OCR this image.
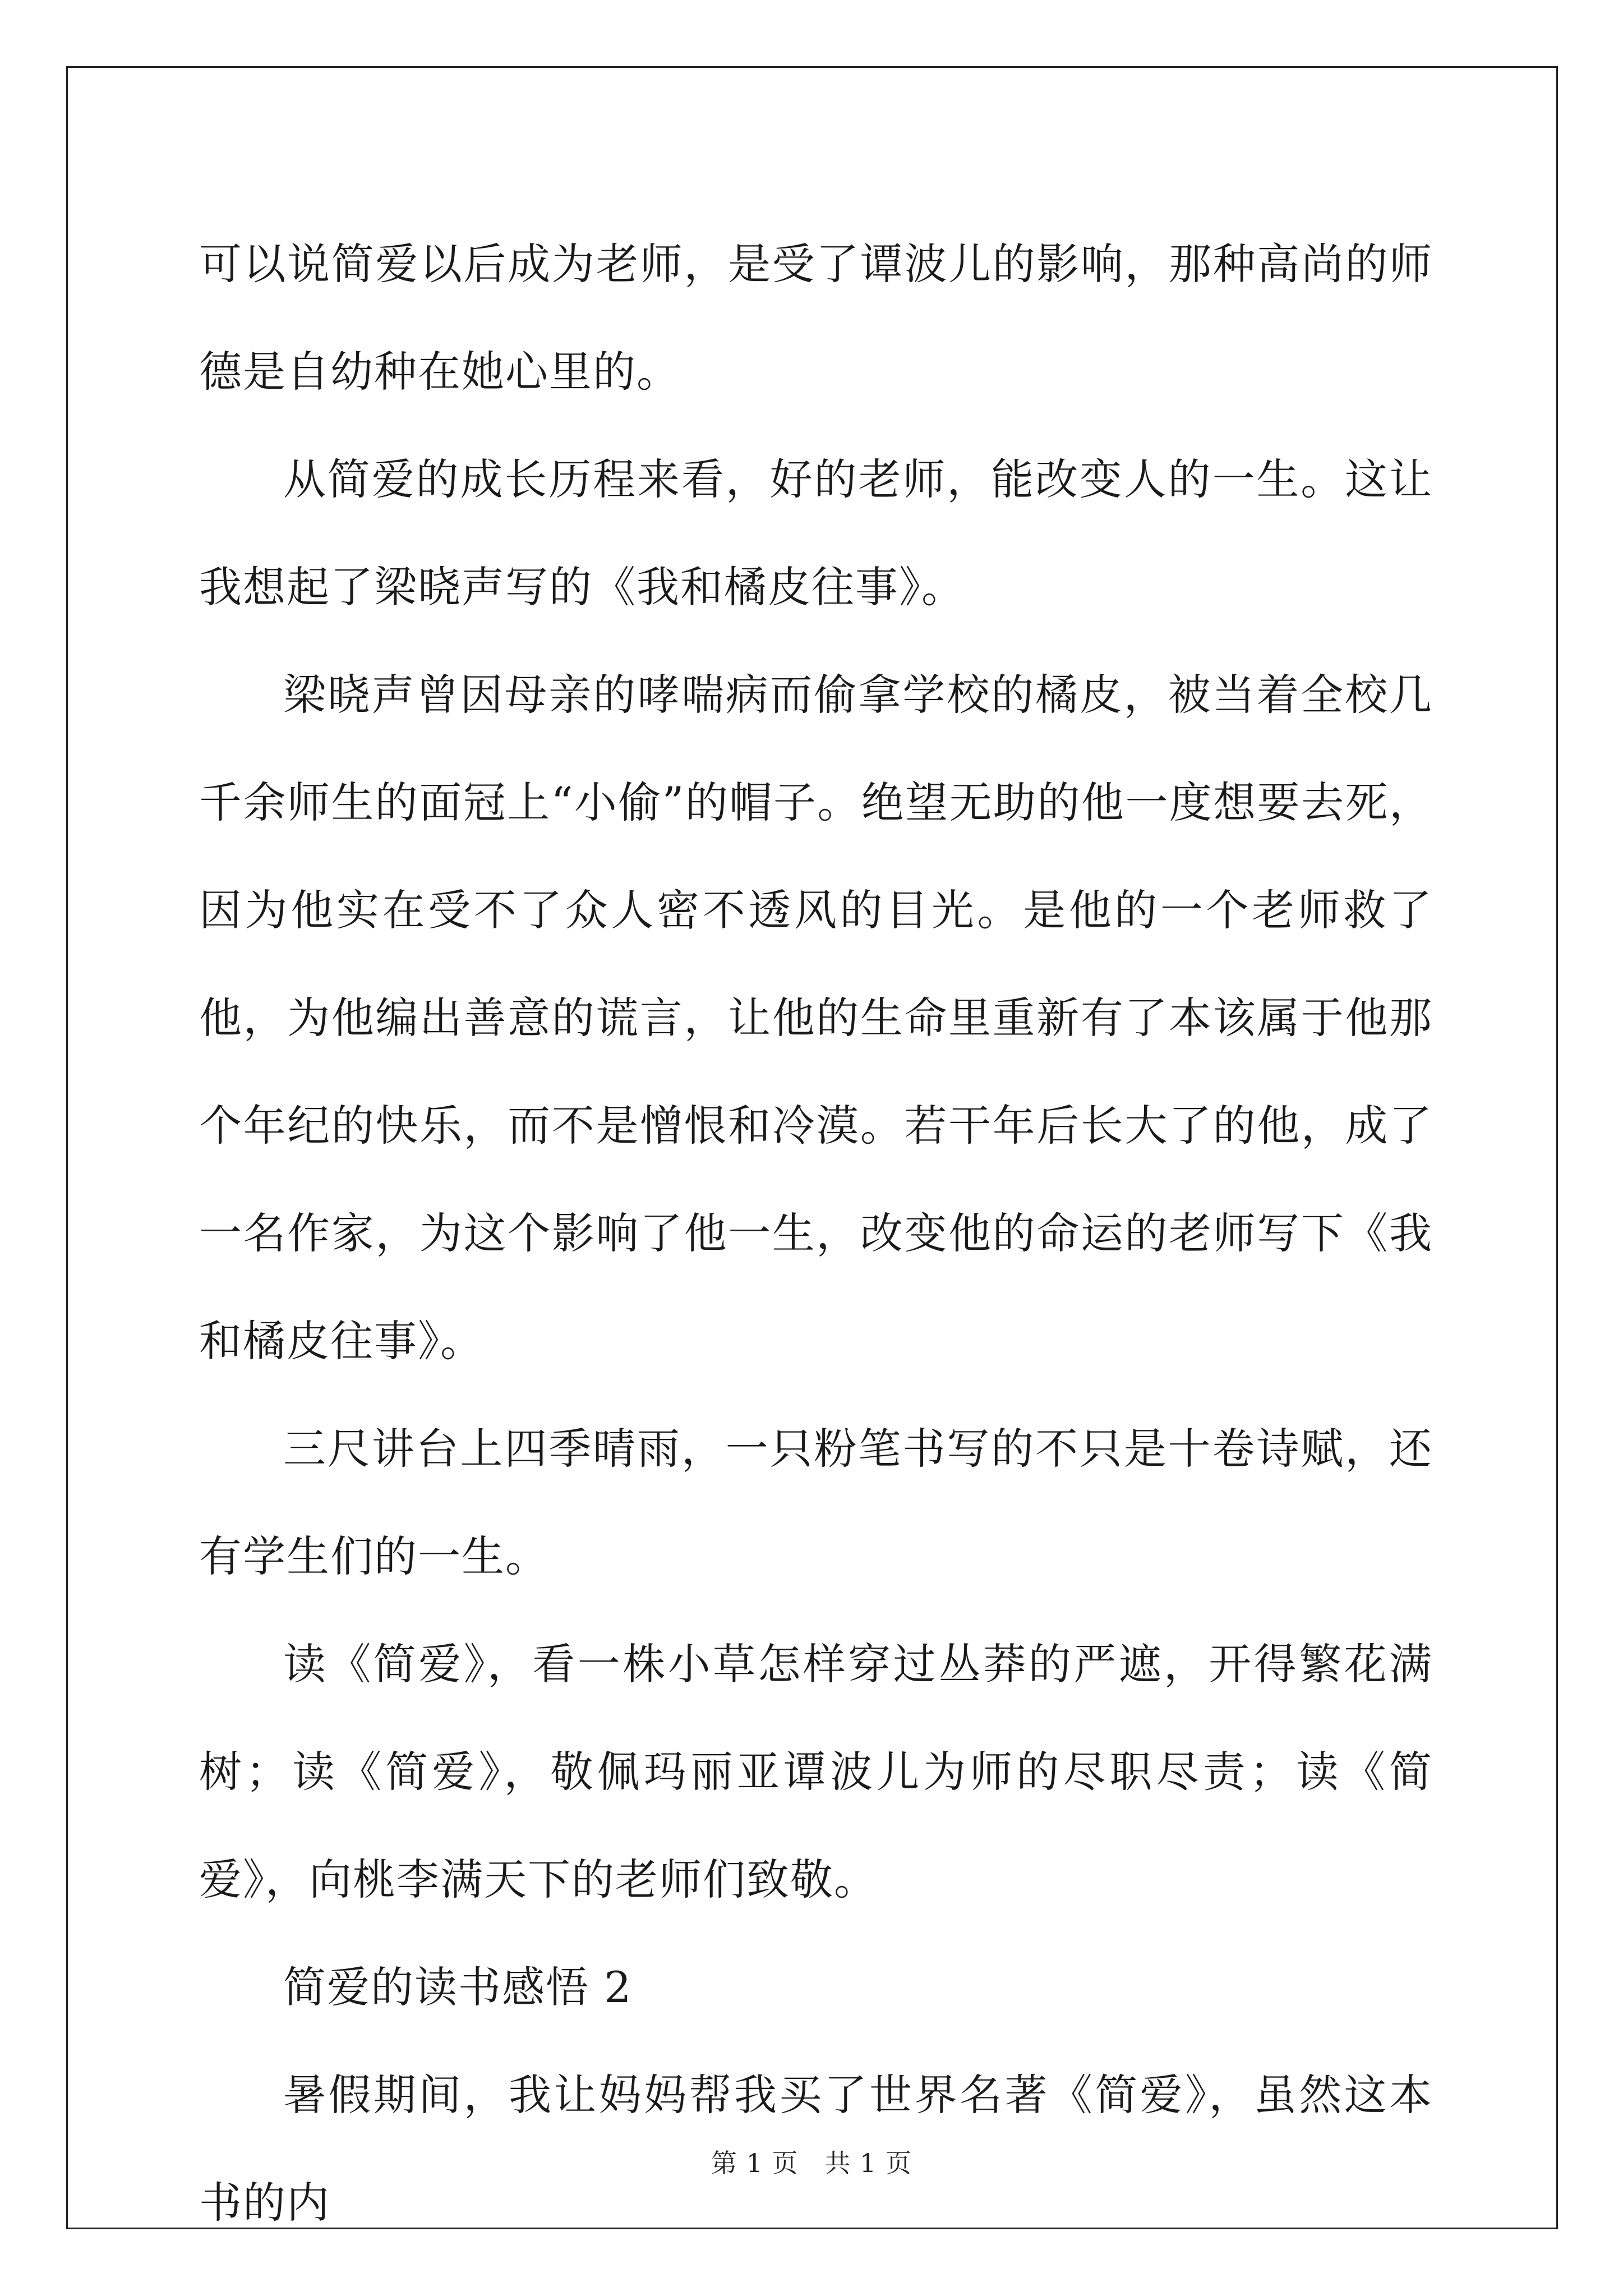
可以说简爱以后成为老师，是受了谭波儿的影响，那种高尚的师德是自幼种在她心里的。

从简爱的成长历程来看，好的老师，能改变人的一生。这让我想起了梁晓声写的《我和橘皮往事》。

梁晓声曾因母亲的哮喘病而偷拿学校的橘皮，被当着全校几千余师生的面冠上“小偷”的帽子。绝望无助的他一度想要去死，因为他实在受不了众人密不透风的目光。是他的一个老师救了他，为他编出善意的谎言，让他的生命里重新有了本该属于他那个年纪的快乐，而不是憎恨和冷漠。若干年后长大了的他，成了一名作家，为这个影响了他一生，改变他的命运的老师写下《我和橘皮往事》。

三尺讲台上四季晴雨，一只粉笔书写的不只是十卷诗赋，还有学生们的一生。

读《简爱》，看一株小草怎样穿过丛莽的严遮，开得繁花满树；读《简爱》，敬佩玛丽亚谭波儿为师的尽职尽责；读《简爱》，向桃李满天下的老师们致敬。

简爱的读书感悟 2

暑假期间，我让妈妈帮我买了世界名著《简爱》，虽然这本书的内

第 1 页 共 1 页
